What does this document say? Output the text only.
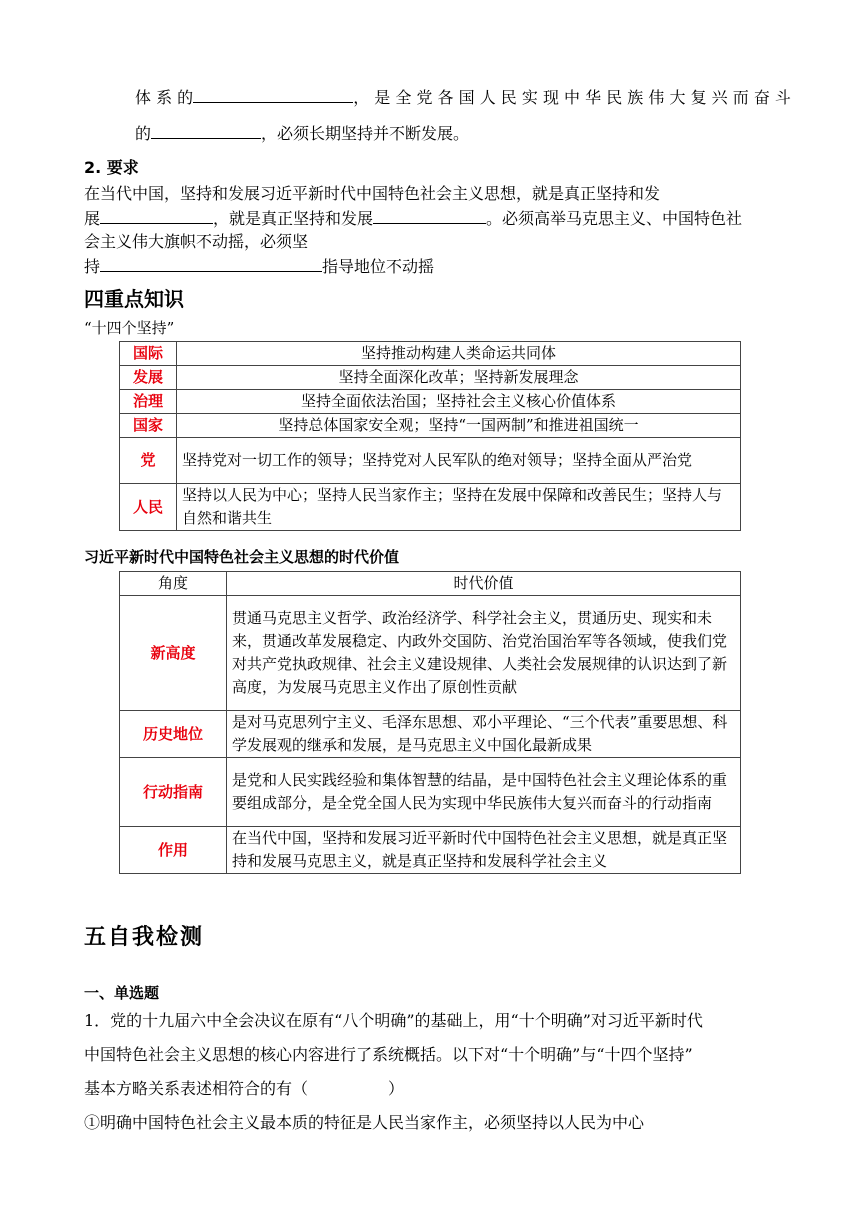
体 系 的	， 是 全 党 各 国 人 民 实 现 中 华 民 族 伟 大 复 兴 而 奋 斗
的	，必须长期坚持并不断发展。
2. 要求
在当代中国，坚持和发展习近平新时代中国特色社会主义思想，就是真正坚持和发
展	，就是真正坚持和发展	。必须高举马克思主义、中国特色社
会主义伟大旗帜不动摇，必须坚
持	指导地位不动摇
四重点知识
“十四个坚持”
国际	坚持推动构建人类命运共同体
发展	坚持全面深化改革；坚持新发展理念
治理	坚持全面依法治国；坚持社会主义核心价值体系
国家	坚持总体国家安全观；坚持“一国两制”和推进祖国统一
党	坚持党对一切工作的领导；坚持党对人民军队的绝对领导；坚持全面从严治党
人民	坚持以人民为中心；坚持人民当家作主；坚持在发展中保障和改善民生；坚持人与自然和谐共生
习近平新时代中国特色社会主义思想的时代价值
角度	时代价值
新高度	贯通马克思主义哲学、政治经济学、科学社会主义，贯通历史、现实和未来，贯通改革发展稳定、内政外交国防、治党治国治军等各领域，使我们党对共产党执政规律、社会主义建设规律、人类社会发展规律的认识达到了新高度，为发展马克思主义作出了原创性贡献
历史地位	是对马克思列宁主义、毛泽东思想、邓小平理论、“三个代表”重要思想、科学发展观的继承和发展，是马克思主义中国化最新成果
行动指南	是党和人民实践经验和集体智慧的结晶，是中国特色社会主义理论体系的重要组成部分，是全党全国人民为实现中华民族伟大复兴而奋斗的行动指南
作用	在当代中国，坚持和发展习近平新时代中国特色社会主义思想，就是真正坚持和发展马克思主义，就是真正坚持和发展科学社会主义
五自我检测
一、单选题
1．党的十九届六中全会决议在原有“八个明确”的基础上，用“十个明确”对习近平新时代
中国特色社会主义思想的核心内容进行了系统概括。以下对“十个明确”与“十四个坚持”
基本方略关系表述相符合的有（　　　　　）
①明确中国特色社会主义最本质的特征是人民当家作主，必须坚持以人民为中心
